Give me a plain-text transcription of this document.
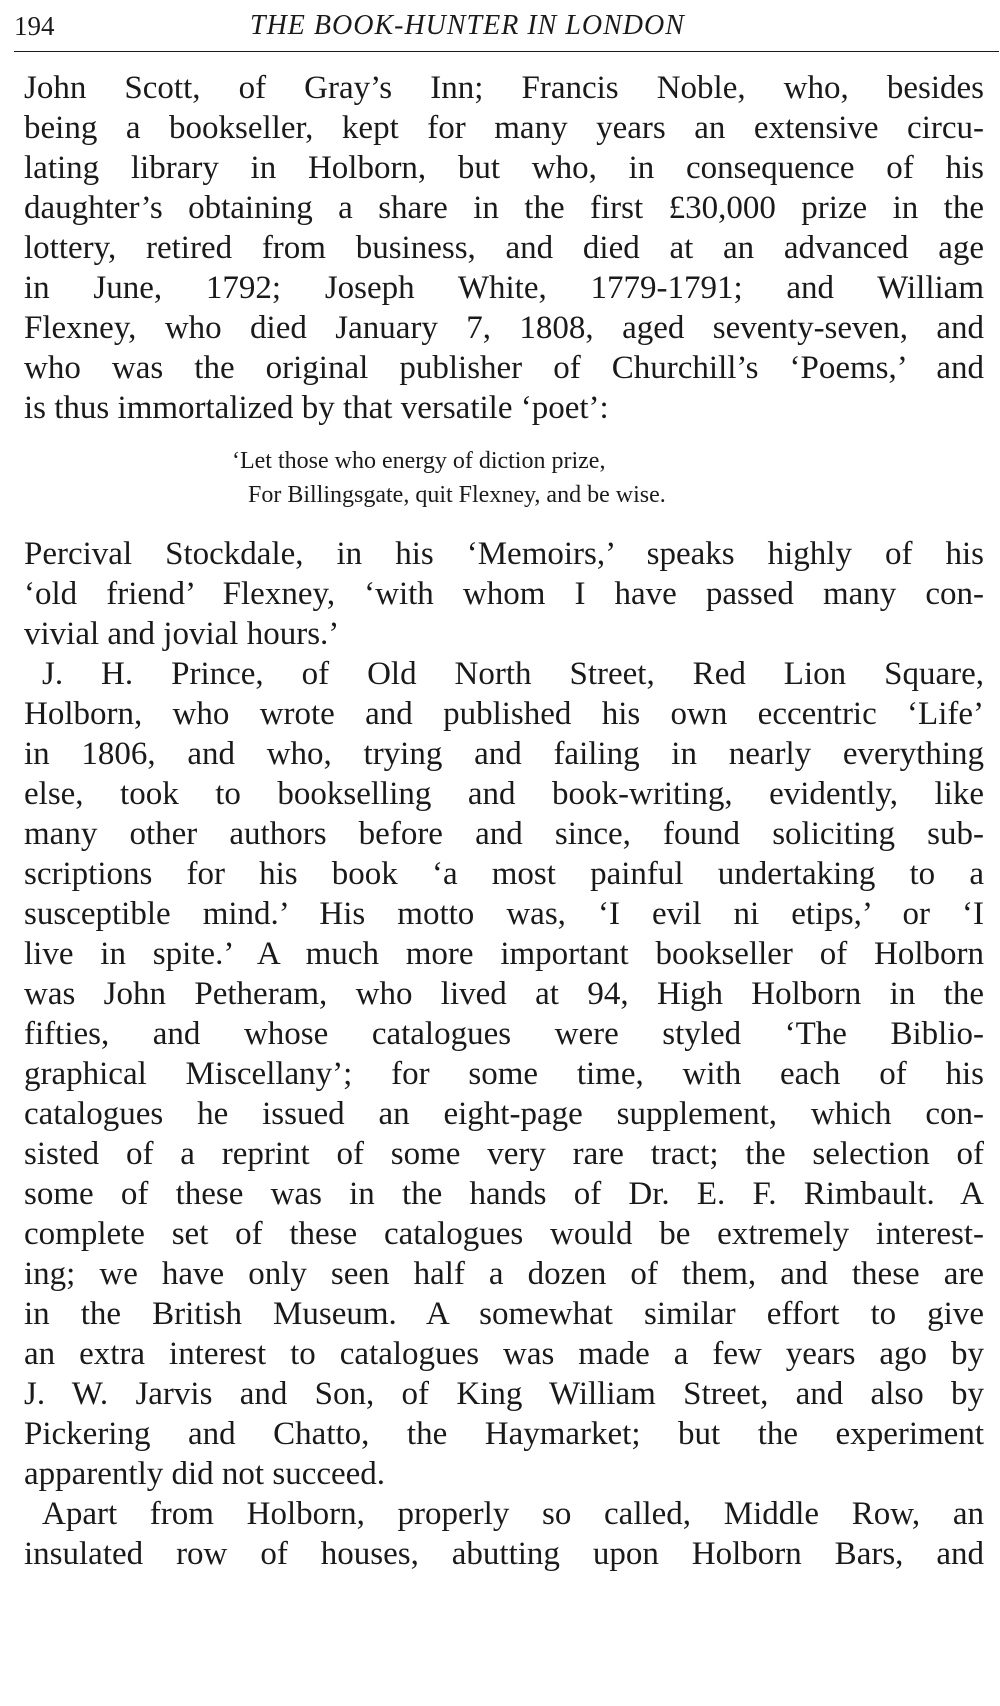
194	THE BOOK-HUNTER IN LONDON
John Scott, of Gray’s Inn; Francis Noble, who, besides
being a bookseller, kept for many years an extensive circu-
lating library in Holborn, but who, in consequence of his
daughter’s obtaining a share in the first £30,000 prize in the
lottery, retired from business, and died at an advanced age
in June, 1792; Joseph White, 1779-1791; and William
Flexney, who died January 7, 1808, aged seventy-seven, and
who was the original publisher of Churchill’s ‘Poems,’ and
is thus immortalized by that versatile ‘poet’:
‘Let those who energy of diction prize,
For Billingsgate, quit Flexney, and be wise.
Percival Stockdale, in his ‘Memoirs,’ speaks highly of his
‘old friend’ Flexney, ‘with whom I have passed many con-
vivial and jovial hours.’
J. H. Prince, of Old North Street, Red Lion Square,
Holborn, who wrote and published his own eccentric ‘Life’
in 1806, and who, trying and failing in nearly everything
else, took to bookselling and book-writing, evidently, like
many other authors before and since, found soliciting sub-
scriptions for his book ‘a most painful undertaking to a
susceptible mind.’ His motto was, ‘I evil ni etips,’ or ‘I
live in spite.’ A much more important bookseller of Holborn
was John Petheram, who lived at 94, High Holborn in the
fifties, and whose catalogues were styled ‘The Biblio-
graphical Miscellany’; for some time, with each of his
catalogues he issued an eight-page supplement, which con-
sisted of a reprint of some very rare tract; the selection of
some of these was in the hands of Dr. E. F. Rimbault. A
complete set of these catalogues would be extremely interest-
ing; we have only seen half a dozen of them, and these are
in the British Museum. A somewhat similar effort to give
an extra interest to catalogues was made a few years ago by
J. W. Jarvis and Son, of King William Street, and also by
Pickering and Chatto, the Haymarket; but the experiment
apparently did not succeed.
Apart from Holborn, properly so called, Middle Row, an
insulated row of houses, abutting upon Holborn Bars, and
